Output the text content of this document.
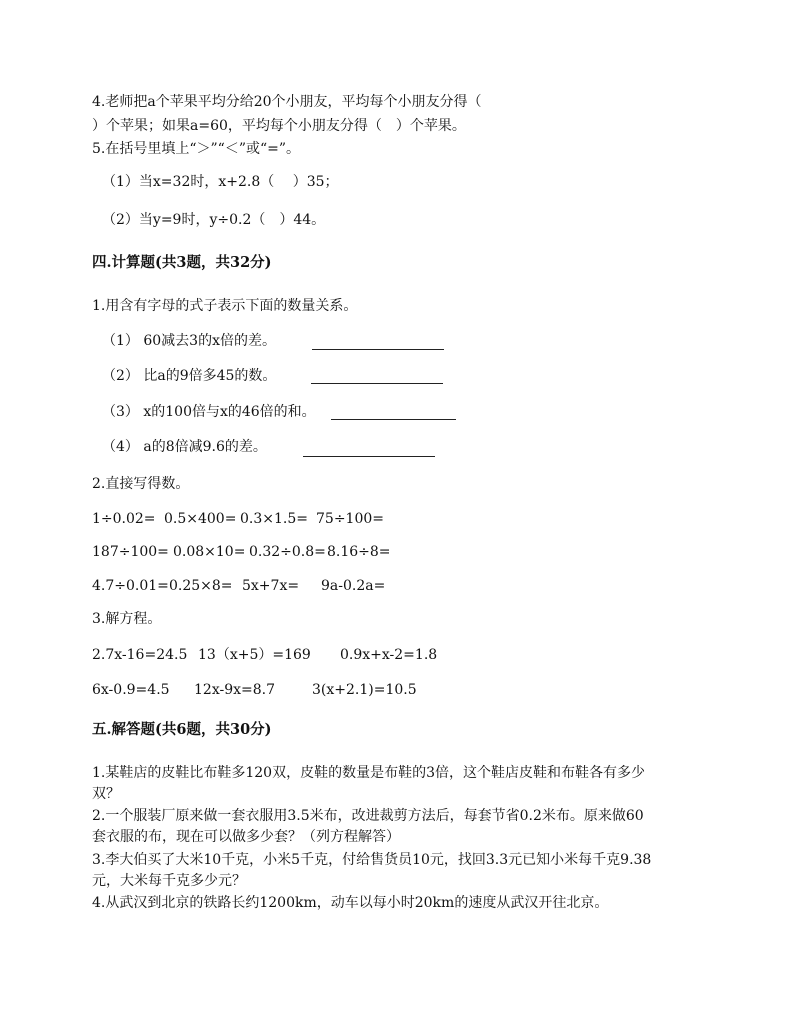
4.老师把a个苹果平均分给20个小朋友，平均每个小朋友分得（
）个苹果；如果a=60，平均每个小朋友分得（　）个苹果。
5.在括号里填上“＞”“＜”或“=”。
（1）当x=32时，x+2.8（　 ）35；
（2）当y=9时，y÷0.2（　）44。
四.计算题(共3题，共32分)
1.用含有字母的式子表示下面的数量关系。
（1） 60减去3的x倍的差。
（2） 比a的9倍多45的数。
（3） x的100倍与x的46倍的和。
（4） a的8倍减9.6的差。
2.直接写得数。
1÷0.02= 0.5×400= 0.3×1.5= 75÷100=
187÷100= 0.08×10= 0.32÷0.8= 8.16÷8=
4.7÷0.01= 0.25×8= 5x+7x= 9a-0.2a=
3.解方程。
2.7x-16=24.5 13（x+5）=169 0.9x+x-2=1.8
6x-0.9=4.5 12x-9x=8.7	3(x+2.1)=10.5
五.解答题(共6题，共30分)
1.某鞋店的皮鞋比布鞋多120双，皮鞋的数量是布鞋的3倍，这个鞋店皮鞋和布鞋各有多少
双？
2.一个服装厂原来做一套衣服用3.5米布，改进裁剪方法后，每套节省0.2米布。原来做60
套衣服的布，现在可以做多少套？（列方程解答）
3.李大伯买了大米10千克，小米5千克，付给售货员10元，找回3.3元已知小米每千克9.38
元，大米每千克多少元？
4.从武汉到北京的铁路长约1200km，动车以每小时20km的速度从武汉开往北京。
